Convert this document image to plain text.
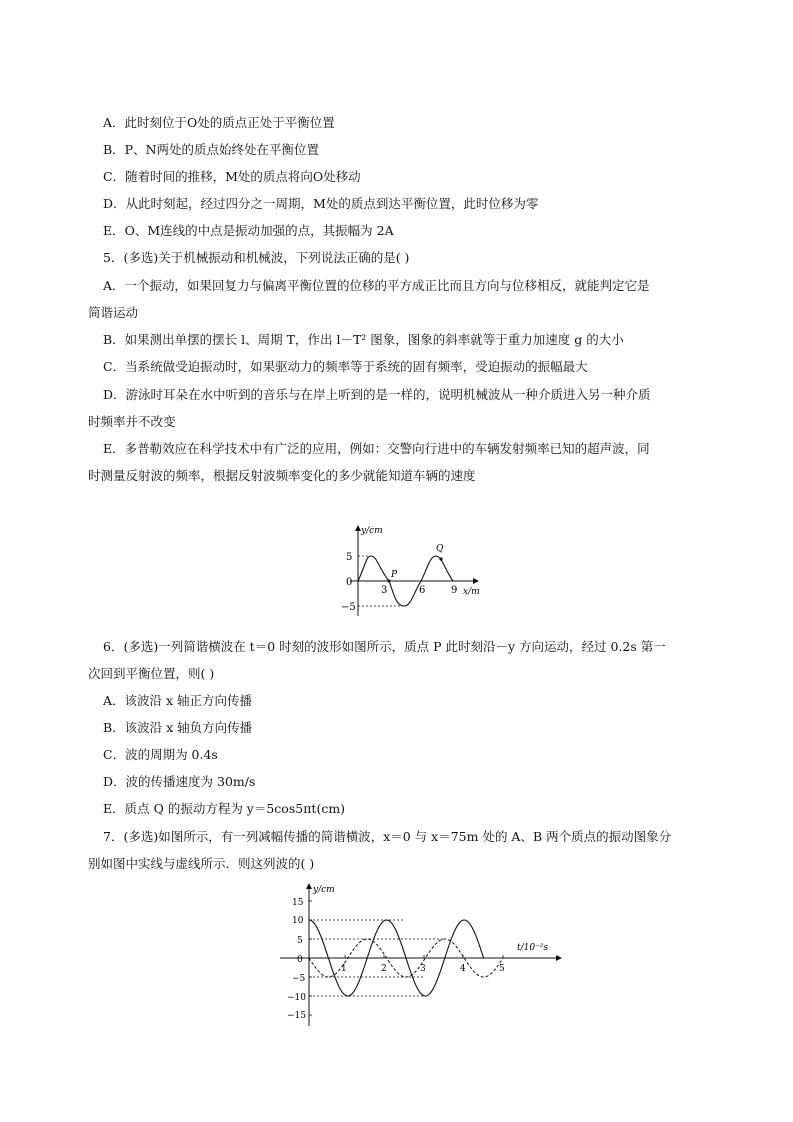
A．此时刻位于O处的质点正处于平衡位置
B．P、N两处的质点始终处在平衡位置
C．随着时间的推移，M处的质点将向O处移动
D．从此时刻起，经过四分之一周期，M处的质点到达平衡位置，此时位移为零
E．O、M连线的中点是振动加强的点，其振幅为 2A
5．(多选)关于机械振动和机械波，下列说法正确的是( )
A．一个振动，如果回复力与偏离平衡位置的位移的平方成正比而且方向与位移相反，就能判定它是
简谐运动
B．如果测出单摆的摆长 l、周期 T，作出 l－T² 图象，图象的斜率就等于重力加速度 g 的大小
C．当系统做受迫振动时，如果驱动力的频率等于系统的固有频率，受迫振动的振幅最大
D．游泳时耳朵在水中听到的音乐与在岸上听到的是一样的，说明机械波从一种介质进入另一种介质
时频率并不改变
E．多普勒效应在科学技术中有广泛的应用，例如：交警向行进中的车辆发射频率已知的超声波，同
时测量反射波的频率，根据反射波频率变化的多少就能知道车辆的速度
y/cm
x/m
5
0
−5
3	6	9
P
Q
6．(多选)一列简谐横波在 t＝0 时刻的波形如图所示，质点 P 此时刻沿－y 方向运动，经过 0.2s 第一
次回到平衡位置，则( )
A．该波沿 x 轴正方向传播
B．该波沿 x 轴负方向传播
C．波的周期为 0.4s
D．波的传播速度为 30m/s
E．质点 Q 的振动方程为 y＝5cos5πt(cm)
7．(多选)如图所示，有一列减幅传播的简谐横波，x＝0 与 x＝75m 处的 A、B 两个质点的振动图象分
别如图中实线与虚线所示．则这列波的( )
y/cm
t/10⁻²s
15
10
5
0
−5
−10
−15
1	2	3	4	5
